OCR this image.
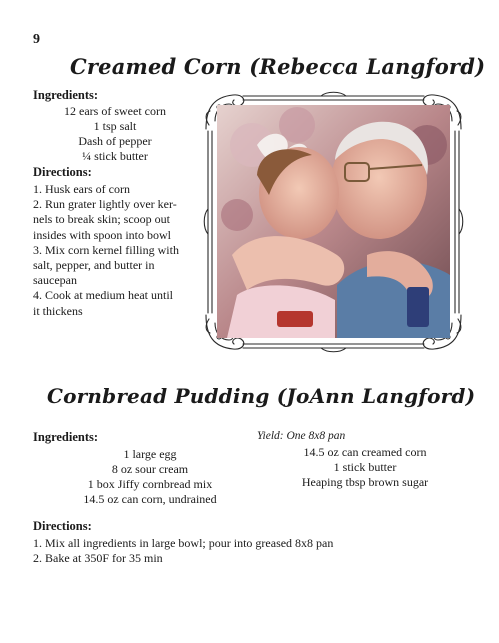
9
Creamed Corn (Rebecca Langford)
Ingredients:
12 ears of sweet corn
1 tsp salt
Dash of pepper
¼ stick butter
Directions:
1. Husk ears of corn
2. Run grater lightly over ker-
nels to break skin; scoop out
insides with spoon into bowl
3. Mix corn kernel filling with
salt, pepper, and butter in
saucepan
4. Cook at medium heat until
it thickens
Cornbread Pudding (JoAnn Langford)
Ingredients:	Yield: One 8x8 pan
1 large egg
8 oz sour cream
1 box Jiffy cornbread mix
14.5 oz can corn, undrained
14.5 oz can creamed corn
1 stick butter
Heaping tbsp brown sugar
Directions:
1. Mix all ingredients in large bowl; pour into greased 8x8 pan
2. Bake at 350F for 35 min
